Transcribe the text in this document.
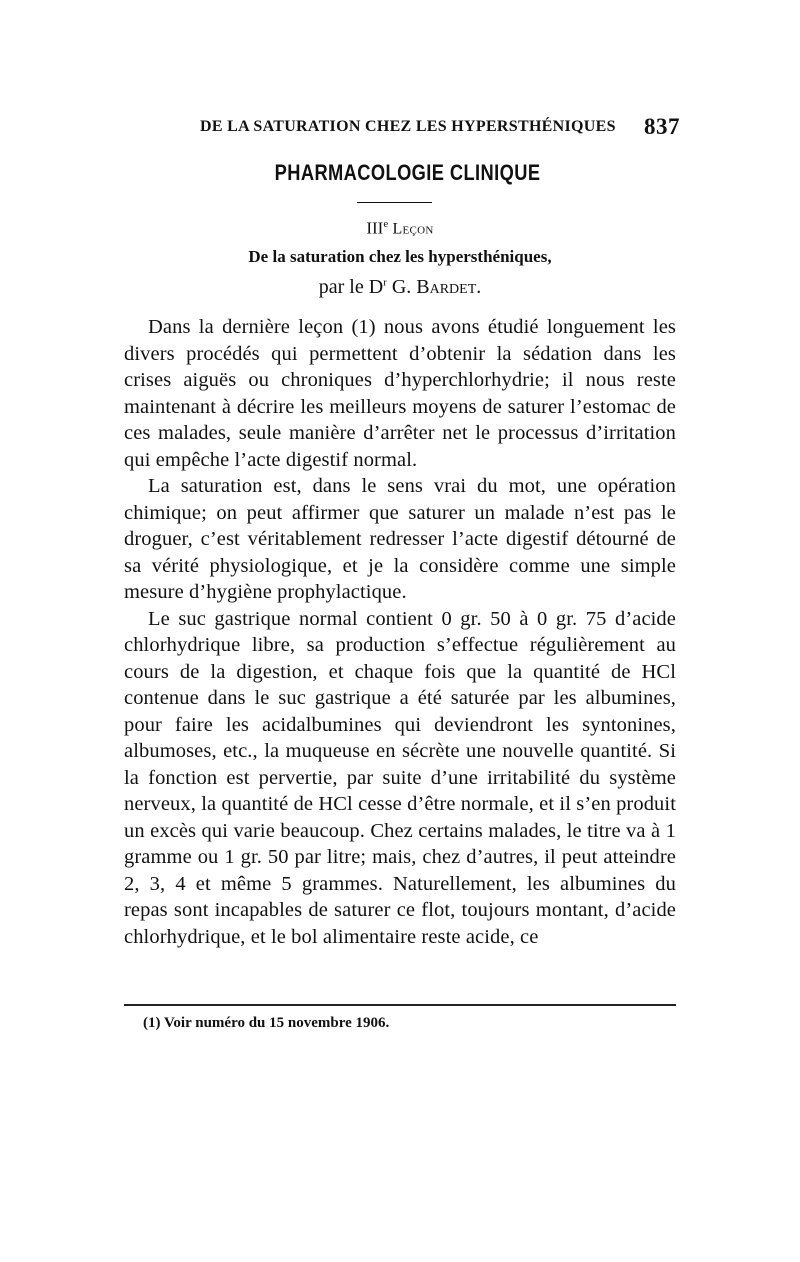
DE LA SATURATION CHEZ LES HYPERSTHÉNIQUES 837
PHARMACOLOGIE CLINIQUE
IIIe Leçon
De la saturation chez les hypersthéniques,
par le $D^r$ G. Bardet.

Dans la dernière leçon (1) nous avons étudié longuement les divers procédés qui permettent d’obtenir la sédation dans les crises aiguës ou chroniques d’hyperchlorhydrie; il nous reste maintenant à décrire les meilleurs moyens de saturer l’estomac de ces malades, seule manière d’arrêter net le processus d’irritation qui empêche l’acte digestif normal.

La saturation est, dans le sens vrai du mot, une opération chimique; on peut affirmer que saturer un malade n’est pas le droguer, c’est véritablement redresser l’acte digestif détourné de sa vérité physiologique, et je la considère comme une simple mesure d’hygiène prophylactique.

Le suc gastrique normal contient 0 gr. 50 à 0 gr. 75 d’acide chlorhydrique libre, sa production s’effectue régulièrement au cours de la digestion, et chaque fois que la quantité de HCl contenue dans le suc gastrique a été saturée par les albumines, pour faire les acidalbumines qui deviendront les syntonines, albumoses, etc., la muqueuse en sécrète une nouvelle quantité. Si la fonction est pervertie, par suite d’une irritabilité du système nerveux, la quantité de HCl cesse d’être normale, et il s’en produit un excès qui varie beaucoup. Chez certains malades, le titre va à 1 gramme ou 1 gr. 50 par litre; mais, chez d’autres, il peut atteindre 2, 3, 4 et même 5 grammes. Naturellement, les albumines du repas sont incapables de saturer ce flot, toujours montant, d’acide chlorhydrique, et le bol alimentaire reste acide, ce

(1) Voir numéro du 15 novembre 1906.
